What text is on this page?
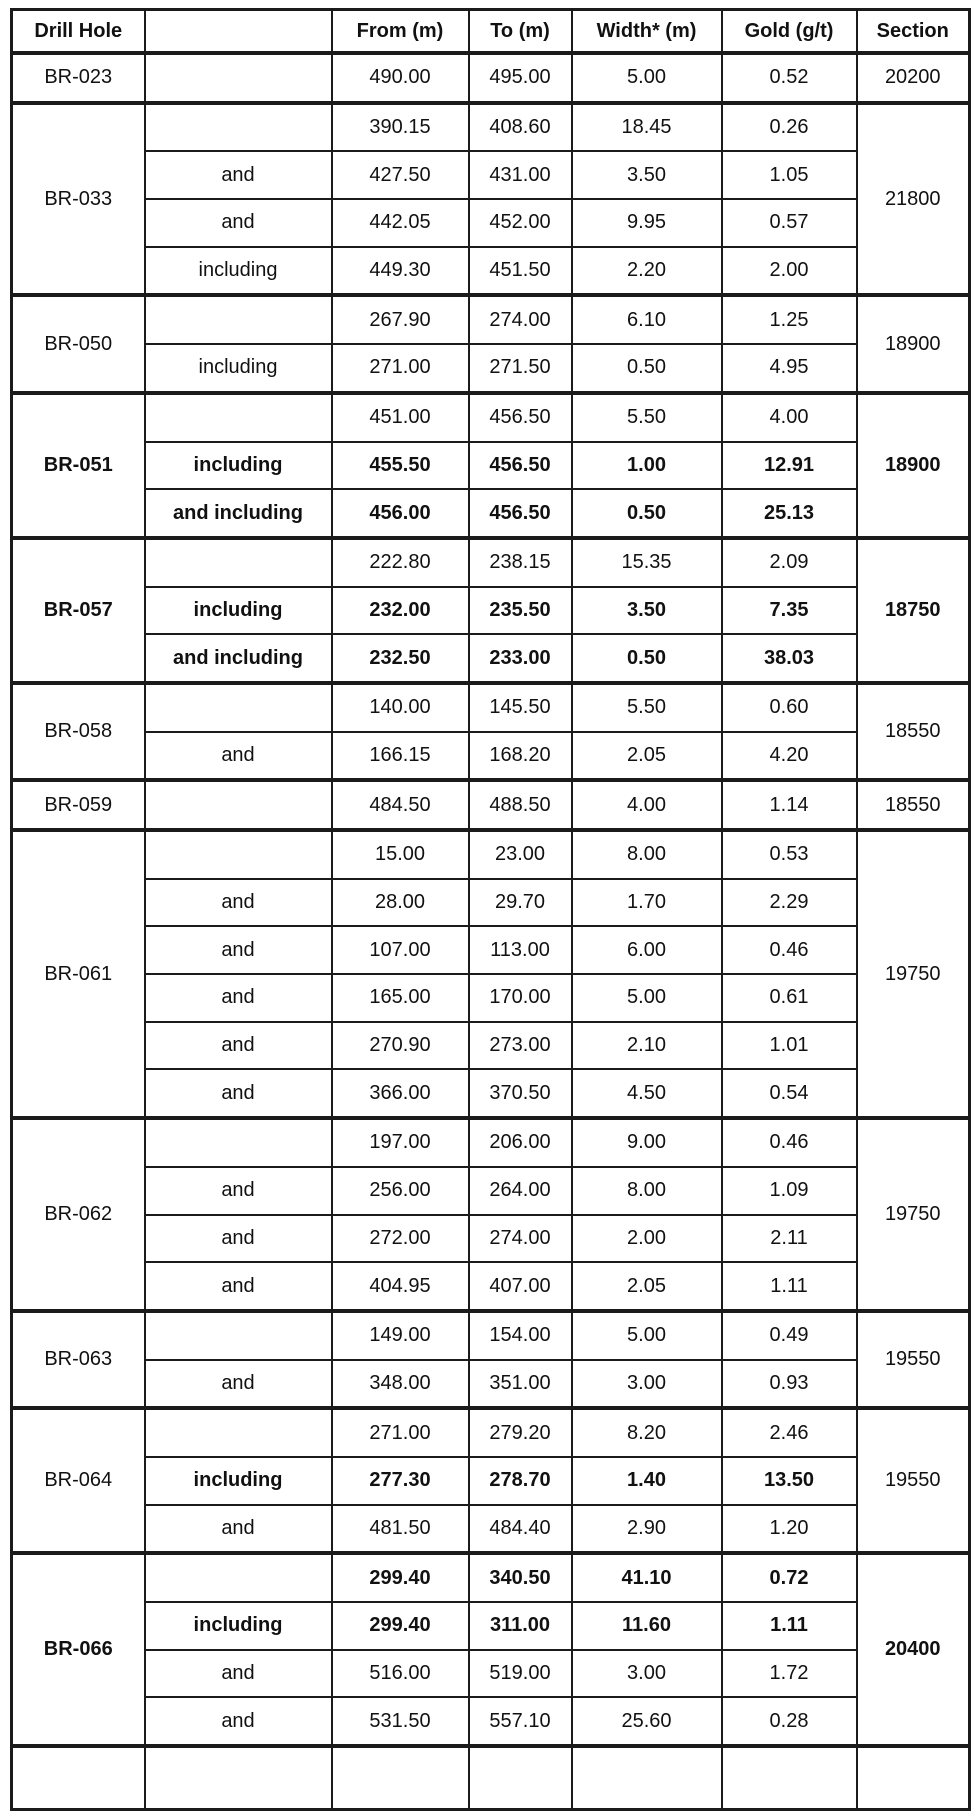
Drill Hole		From (m)	To (m)	Width* (m)	Gold (g/t)	Section
BR-023		490.00	495.00	5.00	0.52	20200
BR-033		390.15	408.60	18.45	0.26	21800
	and	427.50	431.00	3.50	1.05	
	and	442.05	452.00	9.95	0.57	
	including	449.30	451.50	2.20	2.00	
BR-050		267.90	274.00	6.10	1.25	18900
	including	271.00	271.50	0.50	4.95	
BR-051		451.00	456.50	5.50	4.00	18900
	including	455.50	456.50	1.00	12.91	
	and including	456.00	456.50	0.50	25.13	
BR-057		222.80	238.15	15.35	2.09	18750
	including	232.00	235.50	3.50	7.35	
	and including	232.50	233.00	0.50	38.03	
BR-058		140.00	145.50	5.50	0.60	18550
	and	166.15	168.20	2.05	4.20	
BR-059		484.50	488.50	4.00	1.14	18550
BR-061		15.00	23.00	8.00	0.53	19750
	and	28.00	29.70	1.70	2.29	
	and	107.00	113.00	6.00	0.46	
	and	165.00	170.00	5.00	0.61	
	and	270.90	273.00	2.10	1.01	
	and	366.00	370.50	4.50	0.54	
BR-062		197.00	206.00	9.00	0.46	19750
	and	256.00	264.00	8.00	1.09	
	and	272.00	274.00	2.00	2.11	
	and	404.95	407.00	2.05	1.11	
BR-063		149.00	154.00	5.00	0.49	19550
	and	348.00	351.00	3.00	0.93	
BR-064		271.00	279.20	8.20	2.46	19550
	including	277.30	278.70	1.40	13.50	
	and	481.50	484.40	2.90	1.20	
BR-066		299.40	340.50	41.10	0.72	20400
	including	299.40	311.00	11.60	1.11	
	and	516.00	519.00	3.00	1.72	
	and	531.50	557.10	25.60	0.28	
